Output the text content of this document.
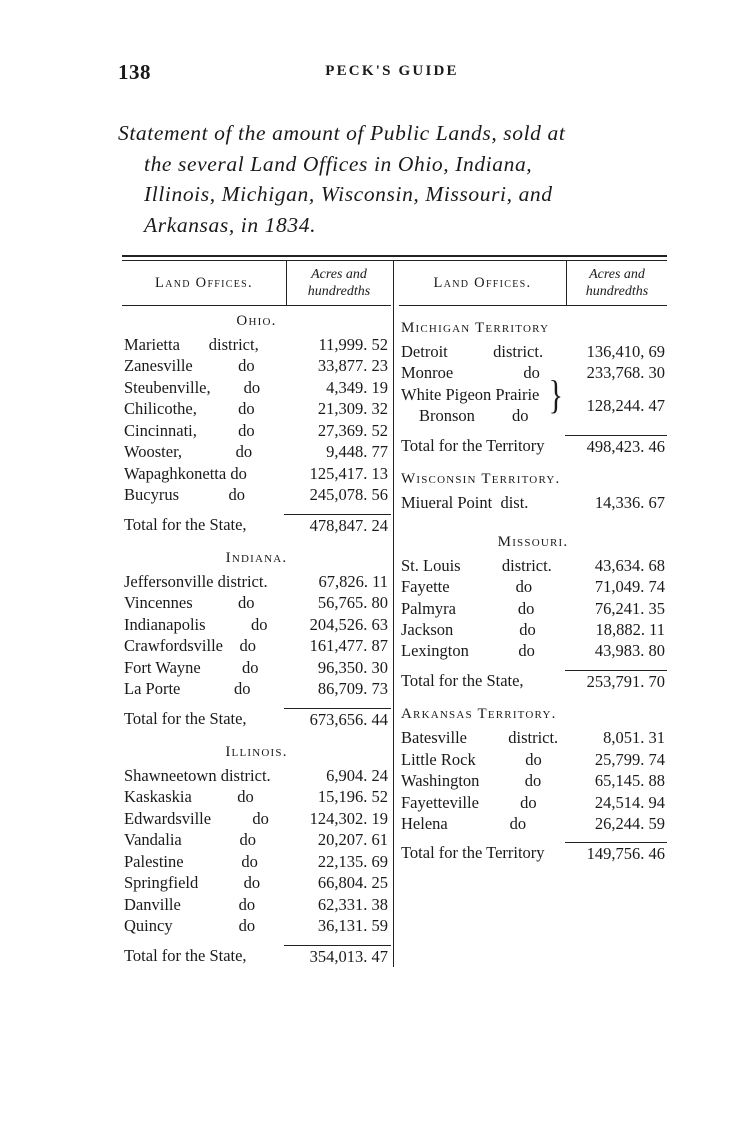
138	PECK'S GUIDE
Statement of the amount of Public Lands, sold at
the several Land Offices in Ohio, Indiana,
Illinois, Michigan, Wisconsin, Missouri, and
Arkansas, in 1834.
Land Offices.
Acres and
hundredths
Ohio.
Marietta district,	11,999. 52
Zanesville	do	33,877. 23
Steubenville, do	4,349. 19
Chilicothe,	do	21,309. 32
Cincinnati,	do	27,369. 52
Wooster,	do	9,448. 77
Wapaghkonetta do	125,417. 13
Bucyrus	do	245,078. 56
Total for the State,	478,847. 24
Indiana.
Jeffersonville district.	67,826. 11
Vincennes	do	56,765. 80
Indianapolis	do	204,526. 63
Crawfordsville do	161,477. 87
Fort Wayne	do	96,350. 30
La Porte	do	86,709. 73
Total for the State,	673,656. 44
Illinois.
Shawneetown district.	6,904. 24
Kaskaskia	do	15,196. 52
Edwardsville	do	124,302. 19
Vandalia	do	20,207. 61
Palestine	do	22,135. 69
Springfield	do	66,804. 25
Danville	do	62,331. 38
Quincy	do	36,131. 59
Total for the State,	354,013. 47
Land Offices.
Acres and
hundredths
Michigan Territory
Detroit	district.	136,410, 69
Monroe	do	233,768. 30
White Pigeon Prairie
Bronson do }	128,244. 47
Total for the Territory	498,423. 46
Wisconsin Territory.
Miueral Point dist.	14,336. 67
Missouri.
St. Louis	district.	43,634. 68
Fayette	do	71,049. 74
Palmyra	do	76,241. 35
Jackson	do	18,882. 11
Lexington	do	43,983. 80
Total for the State,	253,791. 70
Arkansas Territory.
Batesville	district.	8,051. 31
Little Rock	do	25,799. 74
Washington	do	65,145. 88
Fayetteville	do	24,514. 94
Helena	do	26,244. 59
Total for the Territory	149,756. 46
